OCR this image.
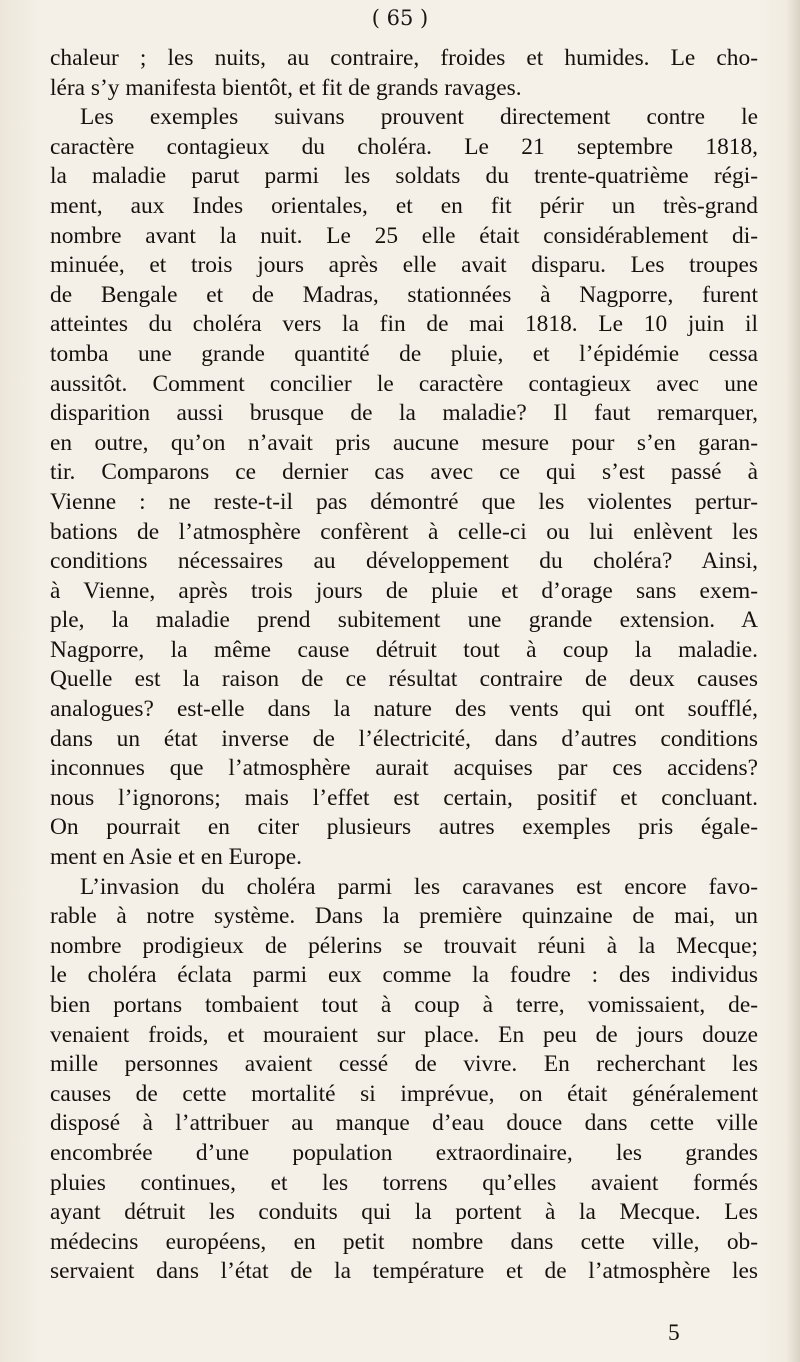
( 65 )
chaleur ; les nuits, au contraire, froides et humides. Le cho-
léra s’y manifesta bientôt, et fit de grands ravages.
Les exemples suivans prouvent directement contre le
caractère contagieux du choléra. Le 21 septembre 1818,
la maladie parut parmi les soldats du trente-quatrième régi-
ment, aux Indes orientales, et en fit périr un très-grand
nombre avant la nuit. Le 25 elle était considérablement di-
minuée, et trois jours après elle avait disparu. Les troupes
de Bengale et de Madras, stationnées à Nagporre, furent
atteintes du choléra vers la fin de mai 1818. Le 10 juin il
tomba une grande quantité de pluie, et l’épidémie cessa
aussitôt. Comment concilier le caractère contagieux avec une
disparition aussi brusque de la maladie? Il faut remarquer,
en outre, qu’on n’avait pris aucune mesure pour s’en garan-
tir. Comparons ce dernier cas avec ce qui s’est passé à
Vienne : ne reste-t-il pas démontré que les violentes pertur-
bations de l’atmosphère confèrent à celle-ci ou lui enlèvent les
conditions nécessaires au développement du choléra? Ainsi,
à Vienne, après trois jours de pluie et d’orage sans exem-
ple, la maladie prend subitement une grande extension. A
Nagporre, la même cause détruit tout à coup la maladie.
Quelle est la raison de ce résultat contraire de deux causes
analogues? est-elle dans la nature des vents qui ont soufflé,
dans un état inverse de l’électricité, dans d’autres conditions
inconnues que l’atmosphère aurait acquises par ces accidens?
nous l’ignorons; mais l’effet est certain, positif et concluant.
On pourrait en citer plusieurs autres exemples pris égale-
ment en Asie et en Europe.
L’invasion du choléra parmi les caravanes est encore favo-
rable à notre système. Dans la première quinzaine de mai, un
nombre prodigieux de pélerins se trouvait réuni à la Mecque;
le choléra éclata parmi eux comme la foudre : des individus
bien portans tombaient tout à coup à terre, vomissaient, de-
venaient froids, et mouraient sur place. En peu de jours douze
mille personnes avaient cessé de vivre. En recherchant les
causes de cette mortalité si imprévue, on était généralement
disposé à l’attribuer au manque d’eau douce dans cette ville
encombrée d’une population extraordinaire, les grandes
pluies continues, et les torrens qu’elles avaient formés
ayant détruit les conduits qui la portent à la Mecque. Les
médecins européens, en petit nombre dans cette ville, ob-
servaient dans l’état de la température et de l’atmosphère les
5
